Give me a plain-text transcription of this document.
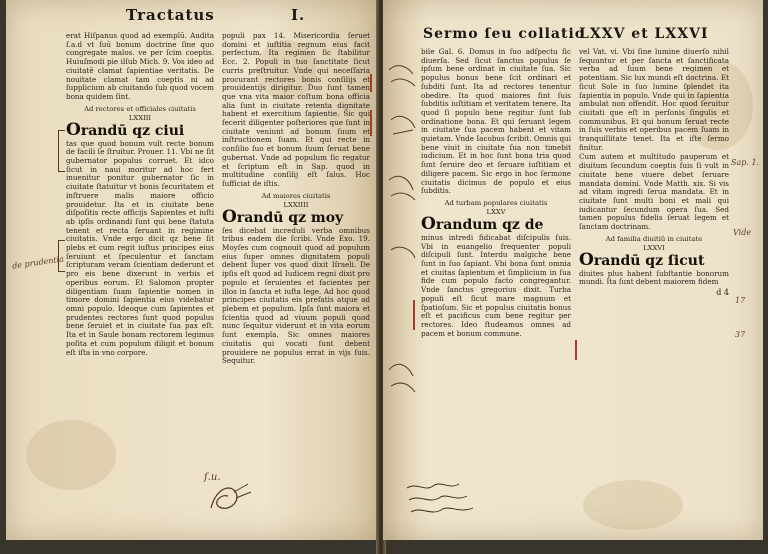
Tractatus	I.

erat Hiſpanus quod ad exemplū. Audita ſ.a.d vt ſuū bonum doctrine ſine quo congregate malos. ve per ſcim coeptis. Huiuſmodi pie ilſub Mich. 9. Vos ideo ad ciuitatē clamat ſapientiae veritatis. De nouitate clamat tam coeptis ni ad ſupplicium ab ciuitando ſub quod vocem bona quidem ſint.

Ad rectores et officiales ciuitatis
LXXIII
Orandū qz ciui

tas que quod bonum vult recte bonum de facili ſe ſtruitur. Prouer. 11. Vbi ne ſit gubernator populus corruet. Et idco ſicut in naui moritur ad hoc fert inuenitur ponitur gubernator ſic in ciuitate ſtatuitur vt bonis ſecuritatem et inſtruere malis maiore officio prouidetur. Ita et in ciuitate bene diſpoſitis recte officijs Sapientes et iuſti ab ipſis ordinandi ſunt qui bene ſtatuta tenent et recta ſeruant in regimine ciuitatis. Vnde ergo dicit qz bene ſit plebs et cum regit iuſtus principes eius ſeruiunt et ſpeculentur et ſanctam ſcripturam veram ſcientiam dederunt et pro eis bene dixerunt in verbis et operibus eorum. Et Salomon propter diligentiam ſuam ſapientie nomen in timore domini ſapientia eius videbatur omni populo. Ideoque cum ſapientes et prudentes rectores ſunt quod populus bene ſeruiet et in ciuitate ſua pax eſt. Ita et in Saule bonam rectorem legimus poſita et cum populum diligit et bonum eſt iſta in vno corpore.

populi pax 14. Misericordia ſeruet domini et iuſtitia regnum eius facit perfectum. Ita regimen ſic ſtabilitur Ecc. 2. Populi in tuo ſanctitate ſicut curris preſtruitur. Vnde qui neceſſaria procurant rectores bonis conſilijs et prouidentijs dirigitur. Duo ſunt tamen que vna vita maior coſtum bona officia alia ſunt in ciuitate retenta dignitate habent et exercitium ſapientie. Sic qui fecerit diligenter poſteriores que ſunt in ciuitate veniunt ad bonum ſuum et inſtructionem ſuam. Et qui recte in conſilio ſuo et bonum ſuum ſeruat bene gubernat. Vnde ad populum ſic regatur et ſcriptum eſt in Sap. quod in multitudine conſilij eſt ſalus. Hoc ſufficiat de iſtis.

Ad maiores ciuitatis
LXXIIII
Orandū qz moy

ſes dicebat increduli verba omnibus tribus eadem die ſcribi. Vnde Exo. 19. Moyſes cum cognouit quod ad populum eius ſuper omnes dignitatem populi debent ſuper vos quod dixit Iſraeli. De ipſis eſt quod ad Iudicem regni dixit pro populo et ſeruientes et facientes per illos in ſancta et iuſta lege. Ad hoc quod principes ciuitatis eis prefatis atque ad plebem et populum. Ipſa ſunt maiora et ſcientia quod ad viuum populi quod nunc ſequitur viderunt et in vita eorum ſunt exempla. Sic omnes maiores ciuitatis qui vocati ſunt debent prouidere ne populus errat in vijs ſuis. Sequitur.

de prudentia
ſ.u.
Sermo ſeu collatio
LXXV et LXXVI

bile Gal. 6. Domus in ſuo adſpectu ſic diuerſa. Sed ſicut ſanctus populus ſe ipſum bene ordinat in ciuitate ſua. Sic populus bonus bene ſcit ordinari et ſubditi ſunt. Ita ad rectores tenentur obedire. Ita quod maiores ſint ſuis ſubditis iuſtitiam et veritatem tenere. Ita quod ſi populo bene regitur ſunt ſub ordinatione bona. Et qui ſeruant legem in ciuitate ſua pacem habent et vitam quietam. Vnde Iacobus ſcribit. Omnis qui bene viuit in ciuitate ſua non timebit iudicium. Et in hoc ſunt bona tria quod ſunt ſeruire deo et ſeruare iuſtitiam et diligere pacem. Sic ergo in hoc ſermone ciuitatis dicimus de populo et eius ſubditis.

Ad turbam populares ciuitatis
LXXV
Orandum qz de

minus intredi fidicabat diſcipulis ſuis. Vbi in euangelio frequenter populi diſcipuli ſunt. Interdu malgiche bene ſunt in ſuo ſapiant. Vbi bona ſunt omnia et ciuitas ſapientum et ſimplicium in ſua fide cum populo facto congregantur. Vnde ſanctus gregorius dixit. Turba populi eſt ſicut mare magnum et ſpatioſum. Sic et populus ciuitatis bonus eſt et pacificus cum bene regitur per rectores. Ideo ſtudeamus omnes ad pacem et bonum commune.

vel Vat. vi. Vbi ſine lumine diuerſo nihil ſequuntur et per ſancta et ſanctificata verba ad ſuum bene regimen et potentiam. Sic lux mundi eſt doctrina. Et ſicut Sole in ſuo lumine ſplendet ita ſapientia in populo. Vnde qui in ſapientia ambulat non offendit. Hoc quod ſeruitur ciuitati que eſt in perſonis ſingulis et communibus. Et qui bonum ſeruat recte in ſuis verbis et operibus pacem ſuam in tranquillitate tenet. Ita et iſte ſermo finitur.

Cum autem et multitudo pauperum et diuitum ſecundum coeptis ſuis ſi vult in ciuitate bene viuere debet ſeruare mandata domini. Vnde Matth. xix. Si vis ad vitam ingredi ſerua mandata. Et in ciuitate ſunt multi boni et mali qui iudicantur ſecundum opera ſua. Sed tamen populus fidelis ſeruat legem et ſanctam doctrinam.

Ad familia diuitiū in ciuitate
LXXVI
Orandū qz ſicut

diuites plus habent ſubſtantie bonorum mundi. Ita ſunt debent maiorem fidem

d 4
Sap. 1.
Vide
17
37
